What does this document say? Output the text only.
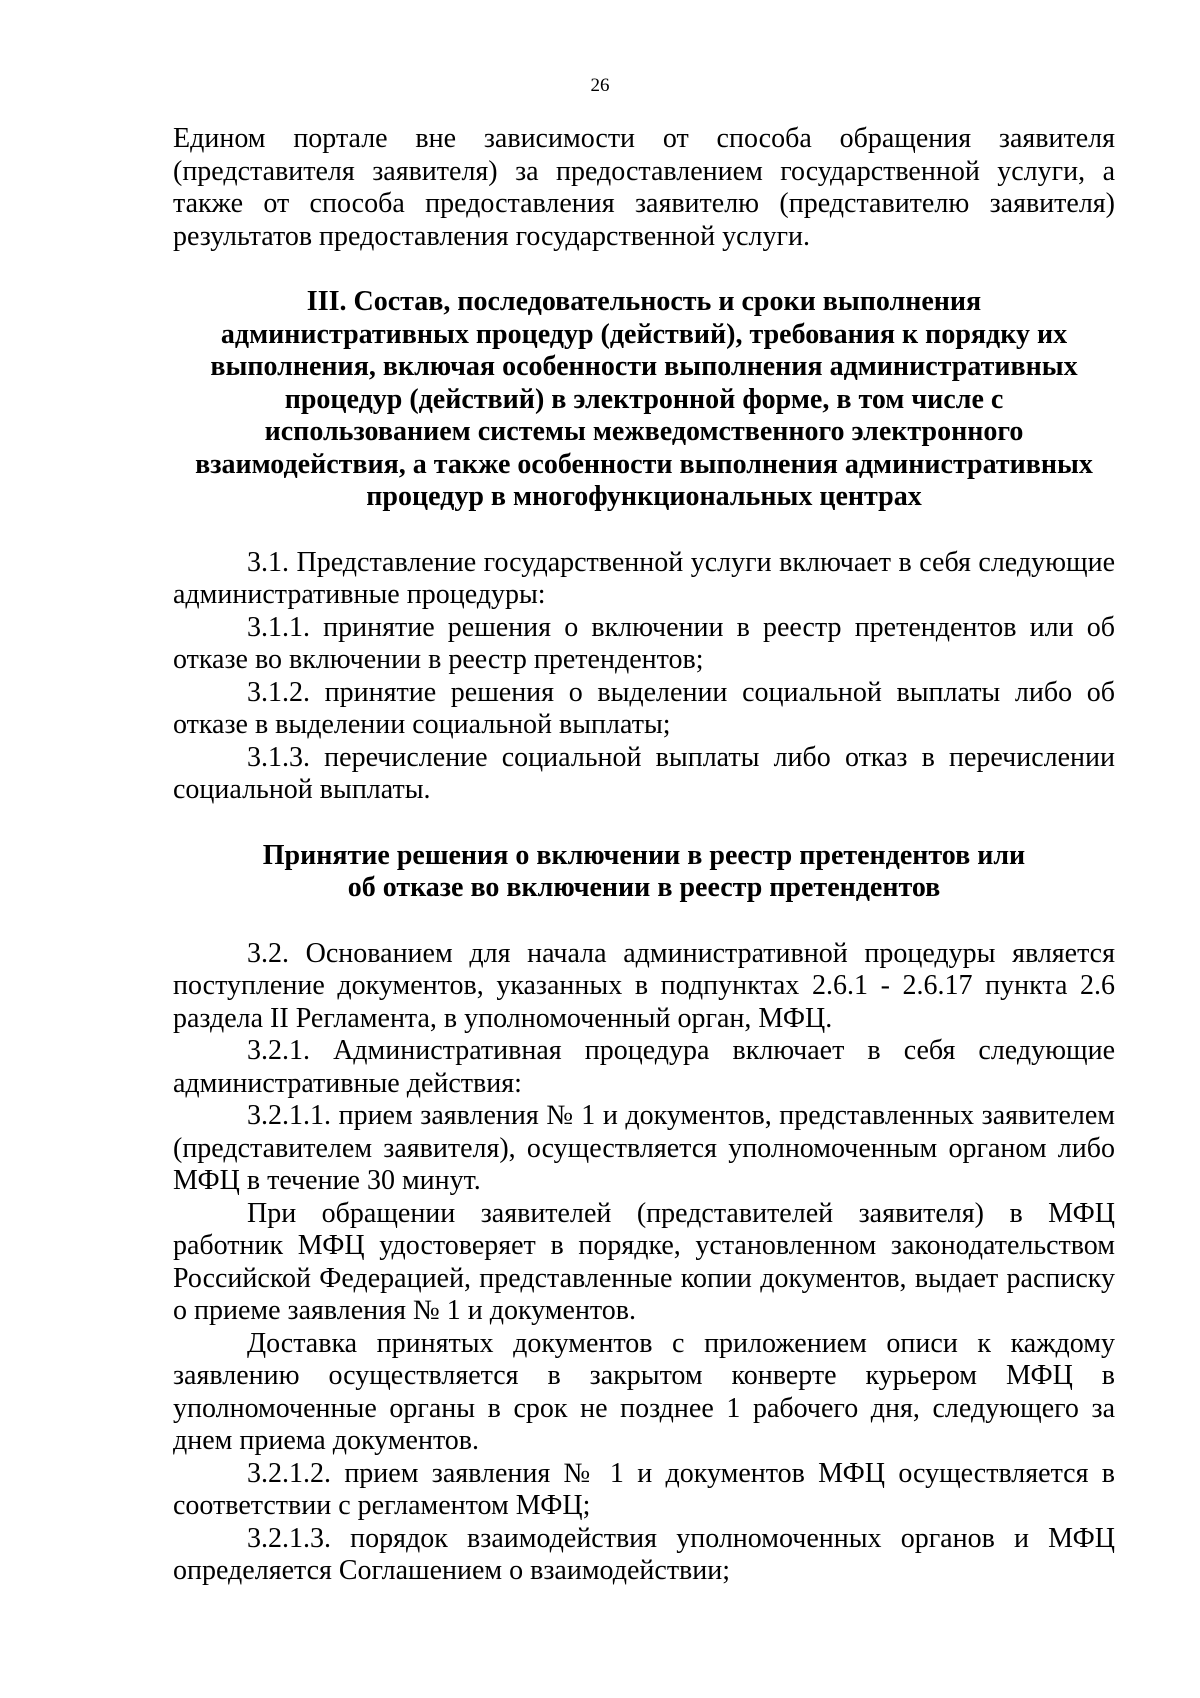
26

Едином портале вне зависимости от способа обращения заявителя (представителя заявителя) за предоставлением государственной услуги, а также от способа предоставления заявителю (представителю заявителя) результатов предоставления государственной услуги.

III. Состав, последовательность и сроки выполнения административных процедур (действий), требования к порядку их выполнения, включая особенности выполнения административных процедур (действий) в электронной форме, в том числе с использованием системы межведомственного электронного взаимодействия, а также особенности выполнения административных процедур в многофункциональных центрах

3.1. Представление государственной услуги включает в себя следующие административные процедуры:

3.1.1. принятие решения о включении в реестр претендентов или об отказе во включении в реестр претендентов;

3.1.2. принятие решения о выделении социальной выплаты либо об отказе в выделении социальной выплаты;

3.1.3. перечисление социальной выплаты либо отказ в перечислении социальной выплаты.

Принятие решения о включении в реестр претендентов или об отказе во включении в реестр претендентов

3.2. Основанием для начала административной процедуры является поступление документов, указанных в подпунктах 2.6.1 - 2.6.17 пункта 2.6 раздела II Регламента, в уполномоченный орган, МФЦ.

3.2.1. Административная процедура включает в себя следующие административные действия:

3.2.1.1. прием заявления № 1 и документов, представленных заявителем (представителем заявителя), осуществляется уполномоченным органом либо МФЦ в течение 30 минут.

При обращении заявителей (представителей заявителя) в МФЦ работник МФЦ удостоверяет в порядке, установленном законодательством Российской Федерацией, представленные копии документов, выдает расписку о приеме заявления № 1 и документов.

Доставка принятых документов с приложением описи к каждому заявлению осуществляется в закрытом конверте курьером МФЦ в уполномоченные органы в срок не позднее 1 рабочего дня, следующего за днем приема документов.

3.2.1.2. прием заявления № 1 и документов МФЦ осуществляется в соответствии с регламентом МФЦ;

3.2.1.3. порядок взаимодействия уполномоченных органов и МФЦ определяется Соглашением о взаимодействии;
